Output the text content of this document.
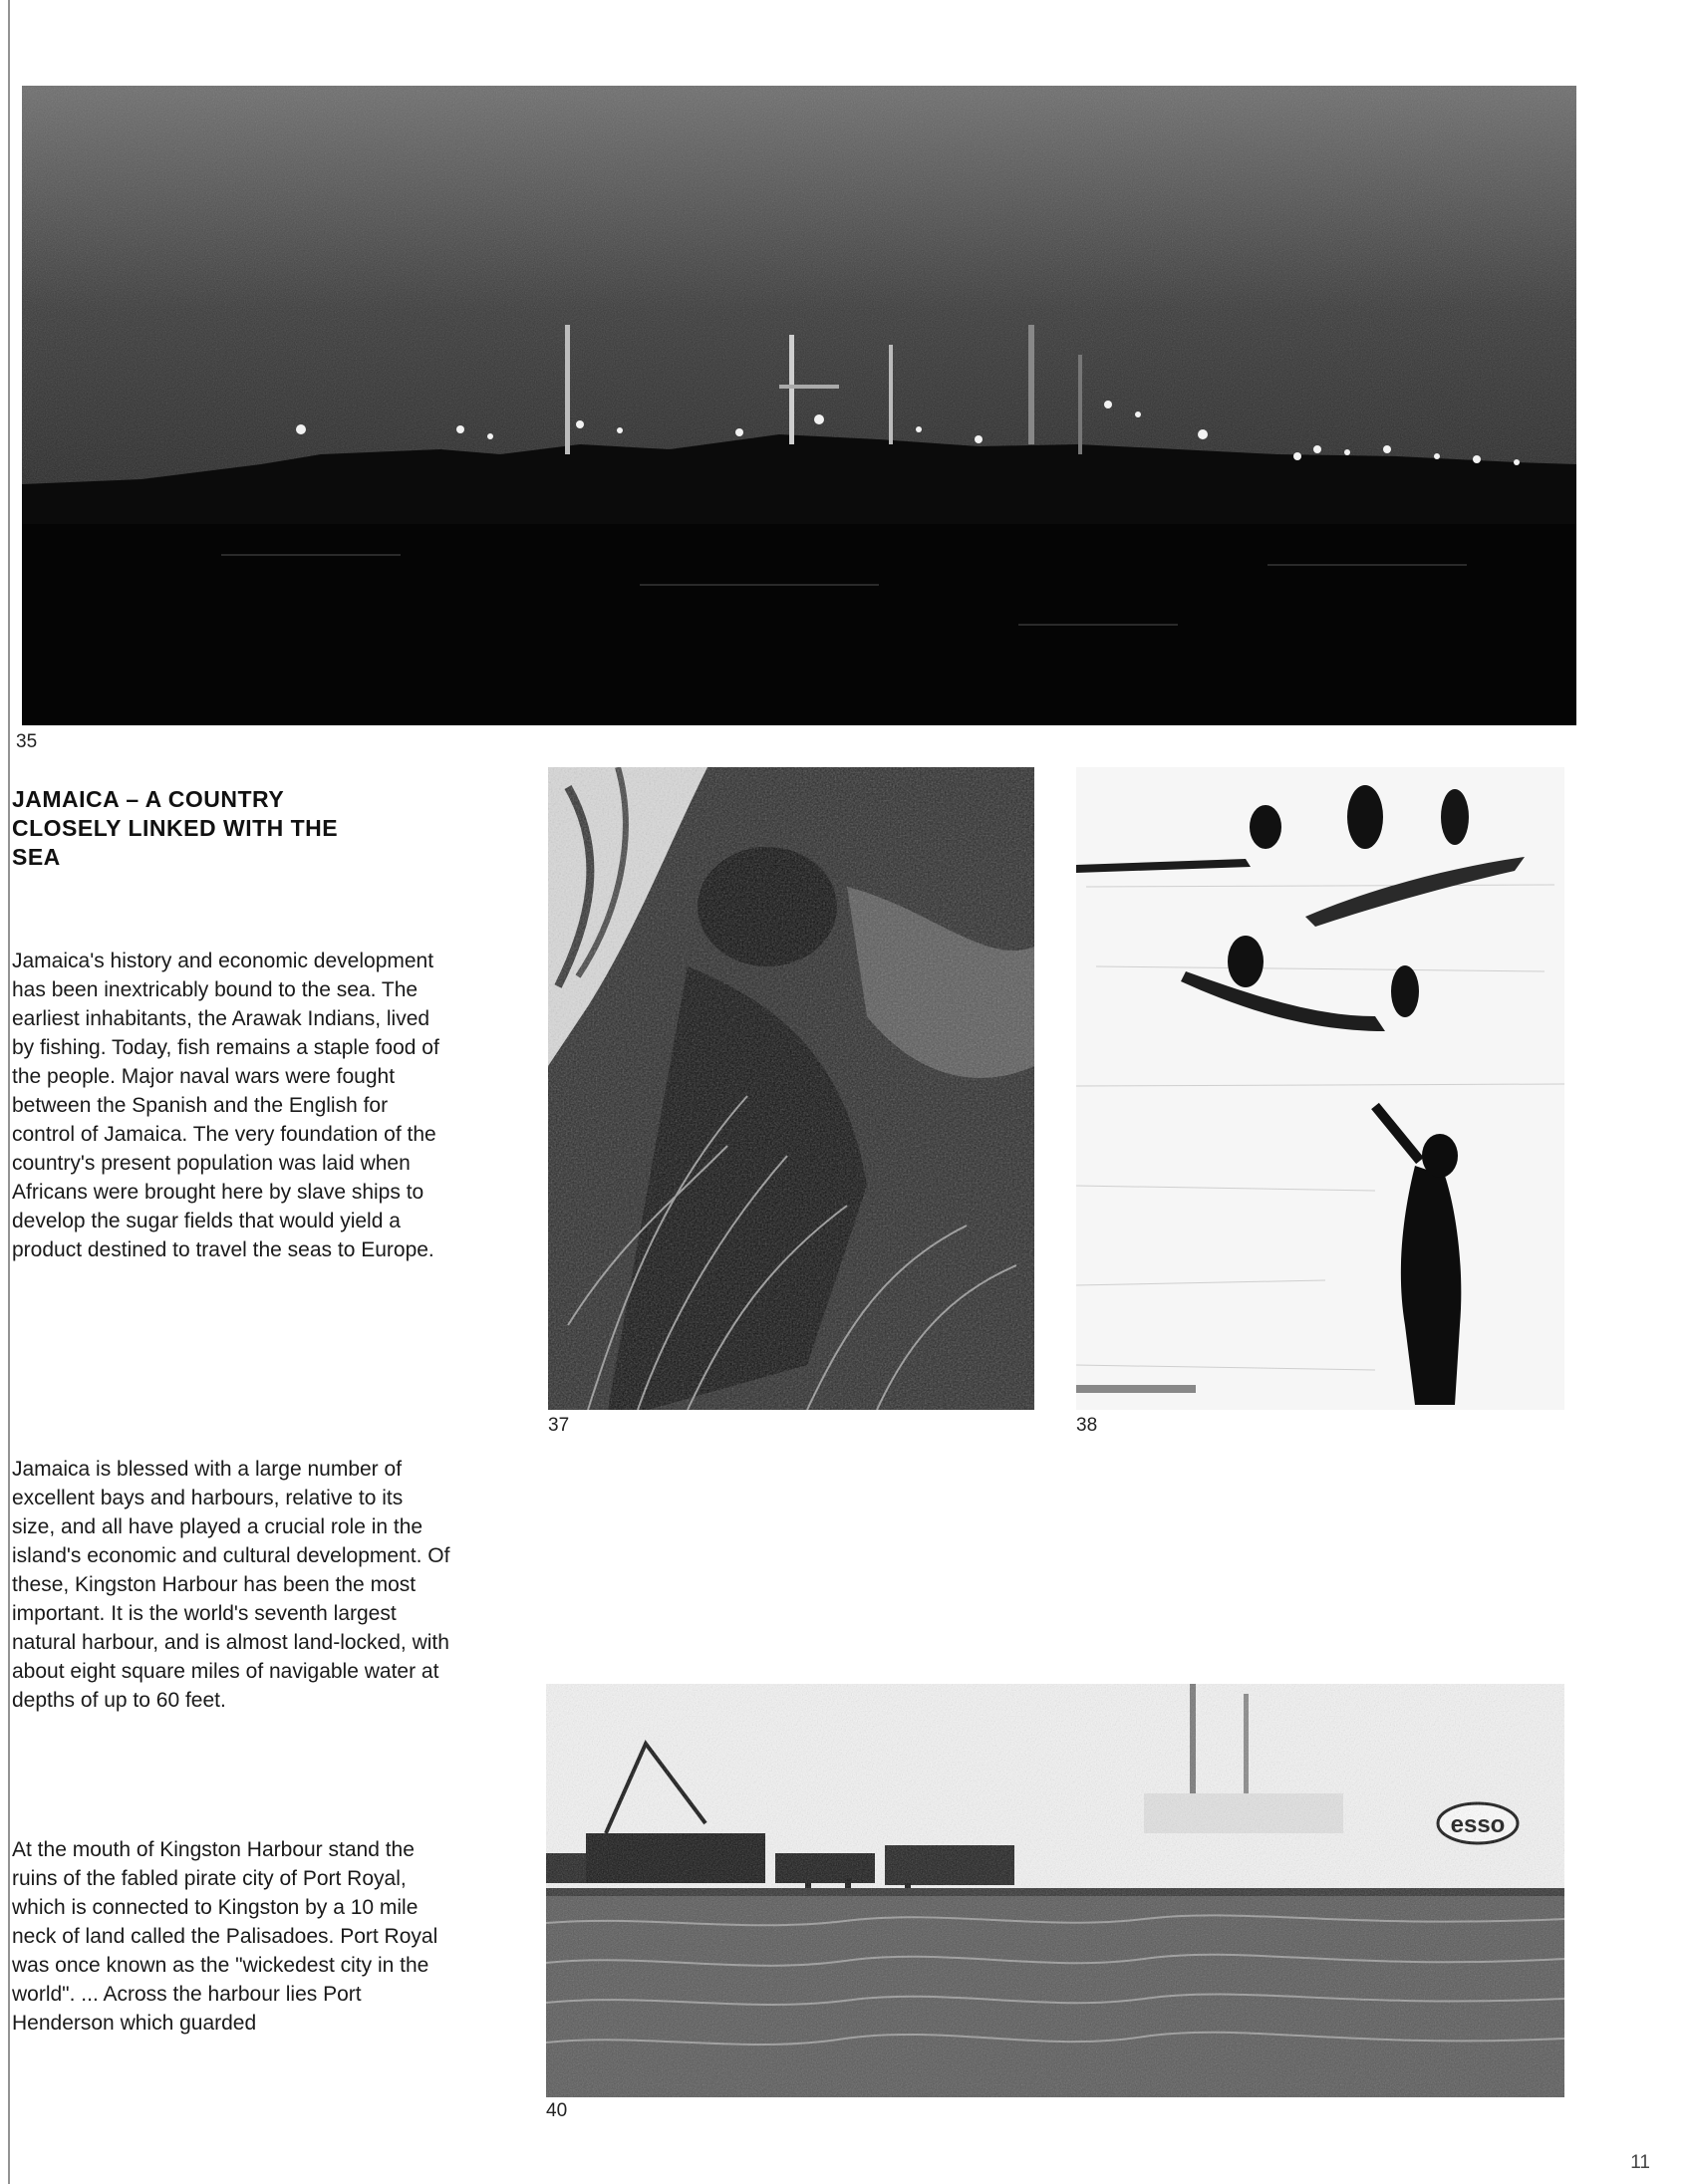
35
JAMAICA – A COUNTRY
CLOSELY LINKED WITH THE
SEA
Jamaica's history and economic development has been inextricably bound to the sea. The earliest inhabitants, the Arawak Indians, lived by fishing. Today, fish remains a staple food of the people. Major naval wars were fought between the Spanish and the English for control of Jamaica. The very foundation of the country's present population was laid when Africans were brought here by slave ships to develop the sugar fields that would yield a product destined to travel the seas to Europe.
Jamaica is blessed with a large number of excellent bays and harbours, relative to its size, and all have played a crucial role in the island's economic and cultural development. Of these, Kingston Harbour has been the most important. It is the world's seventh largest natural harbour, and is almost land-locked, with about eight square miles of navigable water at depths of up to 60 feet.
At the mouth of Kingston Harbour stand the ruins of the fabled pirate city of Port Royal, which is connected to Kingston by a 10 mile neck of land called the Palisadoes. Port Royal was once known as the "wickedest city in the world". ... Across the harbour lies Port Henderson which guarded
37	38
40
11
